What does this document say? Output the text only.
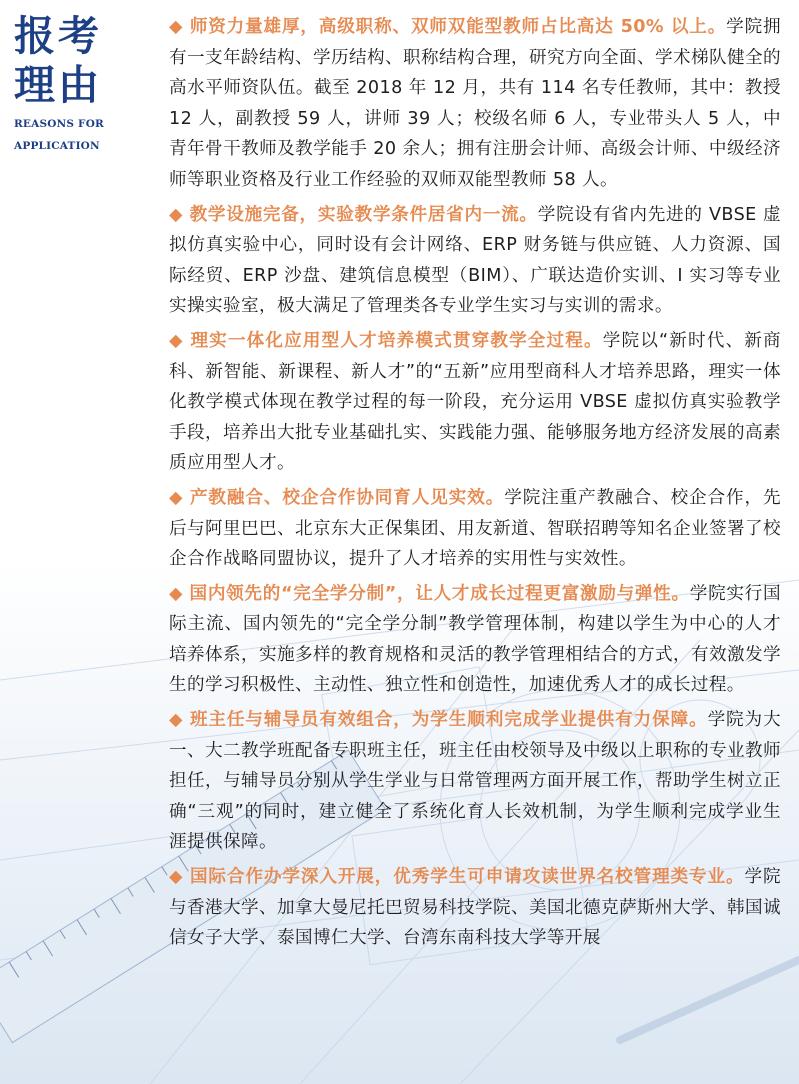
报考
理由
REASONS FOR
APPLICATION

◆ 师资力量雄厚，高级职称、双师双能型教师占比高达 50% 以上。学院拥有一支年龄结构、学历结构、职称结构合理，研究方向全面、学术梯队健全的高水平师资队伍。截至 2018 年 12 月，共有 114 名专任教师，其中：教授 12 人，副教授 59 人，讲师 39 人；校级名师 6 人，专业带头人 5 人，中青年骨干教师及教学能手 20 余人；拥有注册会计师、高级会计师、中级经济师等职业资格及行业工作经验的双师双能型教师 58 人。

◆ 教学设施完备，实验教学条件居省内一流。学院设有省内先进的 VBSE 虚拟仿真实验中心，同时设有会计网络、ERP 财务链与供应链、人力资源、国际经贸、ERP 沙盘、建筑信息模型（BIM）、广联达造价实训、I 实习等专业实操实验室，极大满足了管理类各专业学生实习与实训的需求。

◆ 理实一体化应用型人才培养模式贯穿教学全过程。学院以“新时代、新商科、新智能、新课程、新人才”的“五新”应用型商科人才培养思路，理实一体化教学模式体现在教学过程的每一阶段，充分运用 VBSE 虚拟仿真实验教学手段，培养出大批专业基础扎实、实践能力强、能够服务地方经济发展的高素质应用型人才。

◆ 产教融合、校企合作协同育人见实效。学院注重产教融合、校企合作，先后与阿里巴巴、北京东大正保集团、用友新道、智联招聘等知名企业签署了校企合作战略同盟协议，提升了人才培养的实用性与实效性。

◆ 国内领先的“完全学分制”，让人才成长过程更富激励与弹性。学院实行国际主流、国内领先的“完全学分制”教学管理体制，构建以学生为中心的人才培养体系，实施多样的教育规格和灵活的教学管理相结合的方式，有效激发学生的学习积极性、主动性、独立性和创造性，加速优秀人才的成长过程。

◆ 班主任与辅导员有效组合，为学生顺利完成学业提供有力保障。学院为大一、大二教学班配备专职班主任，班主任由校领导及中级以上职称的专业教师担任，与辅导员分别从学生学业与日常管理两方面开展工作，帮助学生树立正确“三观”的同时，建立健全了系统化育人长效机制，为学生顺利完成学业生涯提供保障。

◆ 国际合作办学深入开展，优秀学生可申请攻读世界名校管理类专业。学院与香港大学、加拿大曼尼托巴贸易科技学院、美国北德克萨斯州大学、韩国诚信女子大学、泰国博仁大学、台湾东南科技大学等开展
